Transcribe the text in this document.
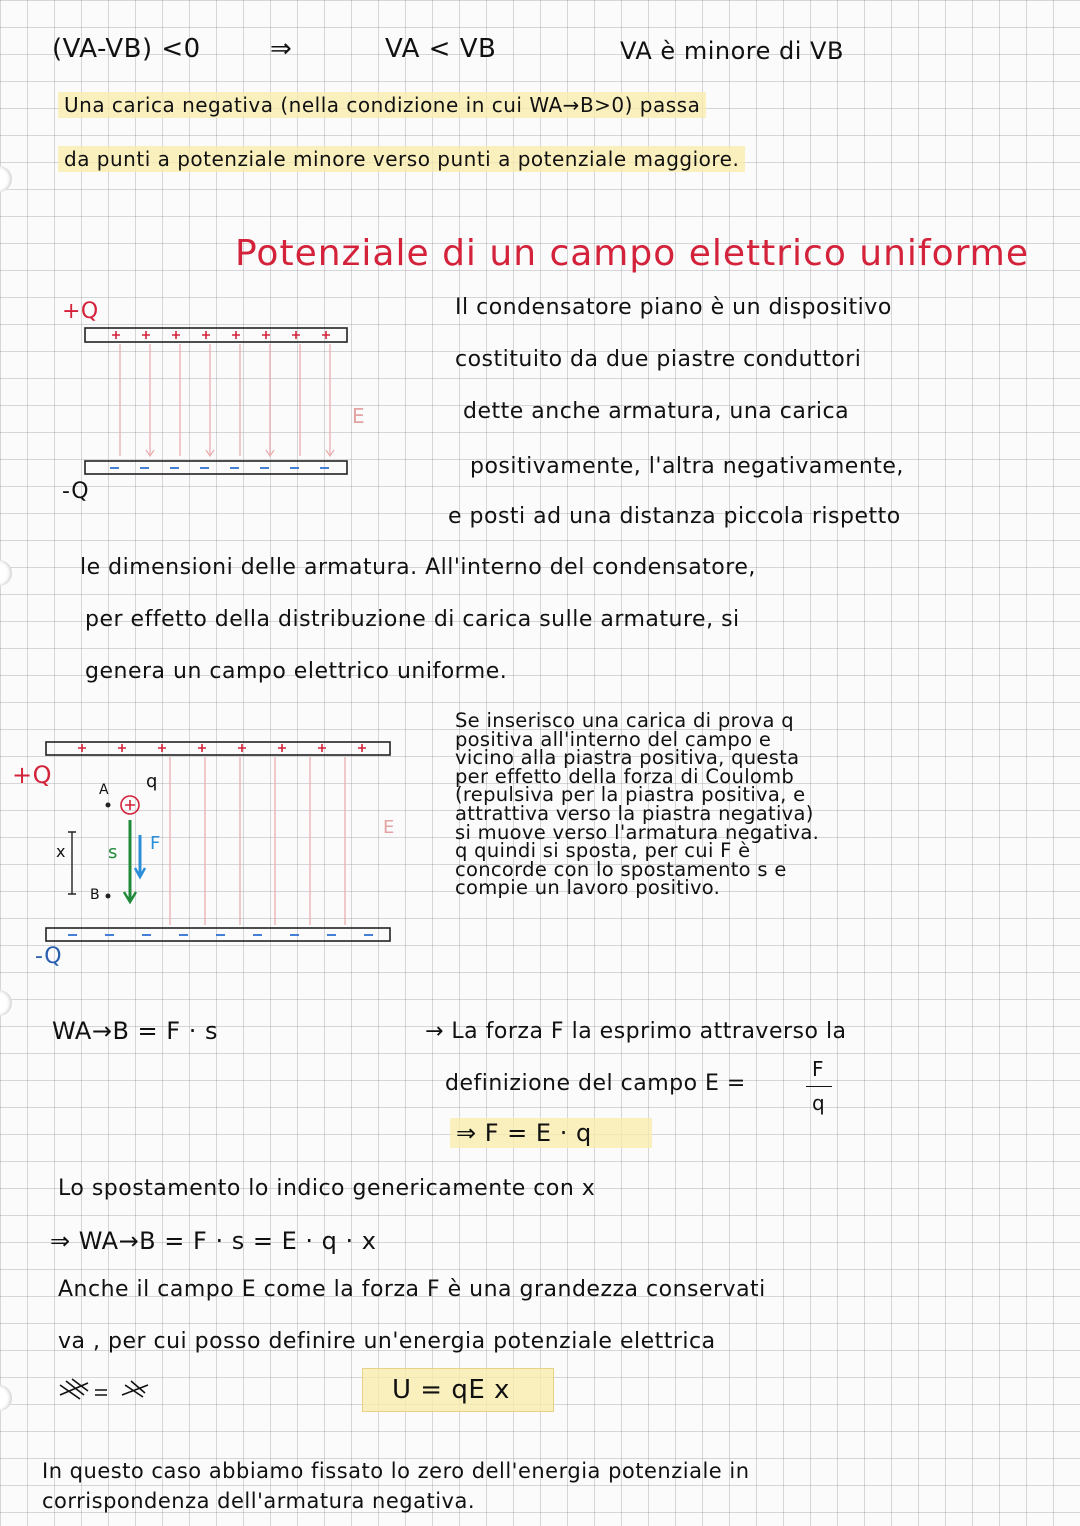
(VA-VB) <0	⇒	VA < VB	VA è minore di VB
Una carica negativa (nella condizione in cui WA→B>0) passa
da punti a potenziale minore verso punti a potenziale maggiore.
Potenziale di un campo elettrico uniforme
Il condensatore piano è un dispositivo
costituito da due piastre conduttori
dette anche armatura, una carica
positivamente, l'altra negativamente,
e posti ad una distanza piccola rispetto
le dimensioni delle armatura. All'interno del condensatore,
per effetto della distribuzione di carica sulle armature, si
genera un campo elettrico uniforme.
+Q
-Q
E
+Q
-Q
E
q
A
B
x s F
Se inserisco una carica di prova q
positiva all'interno del campo e
vicino alla piastra positiva, questa
per effetto della forza di Coulomb
(repulsiva per la piastra positiva, e
attrattiva verso la piastra negativa)
si muove verso l'armatura negativa.
q quindi si sposta, per cui F è
concorde con lo spostamento s e
compie un lavoro positivo.
WA→B = F · s	→ La forza F la esprimo attraverso la
definizione del campo E =
F
q
⇒ F = E · q
Lo spostamento lo indico genericamente con x
⇒ WA→B = F · s = E · q · x
Anche il campo E come la forza F è una grandezza conservati
va , per cui posso definire un'energia potenziale elettrica
U = qE x
In questo caso abbiamo fissato lo zero dell'energia potenziale in
corrispondenza dell'armatura negativa.
